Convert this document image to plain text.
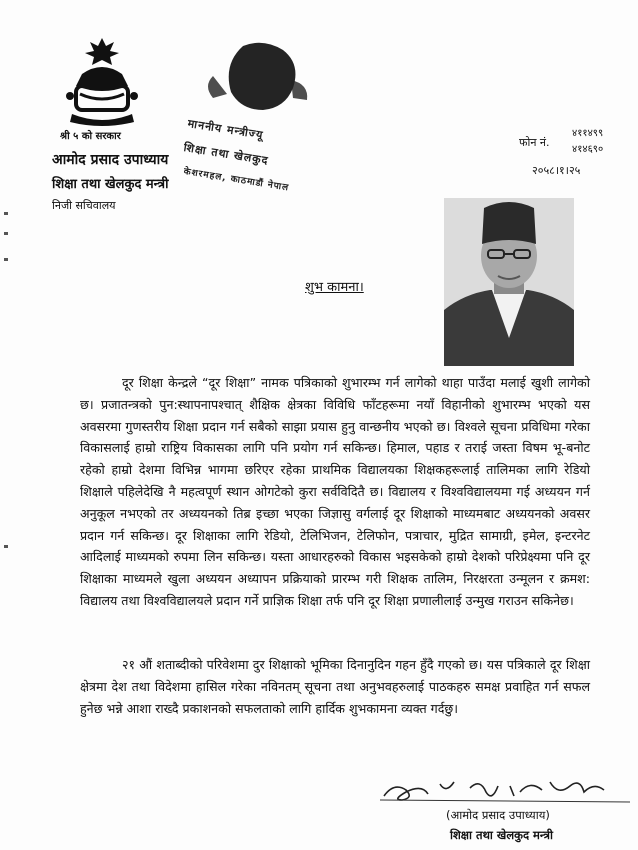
माननीय मन्त्रीज्यू
शिक्षा तथा खेलकुद
केशरमहल, काठमाडौं नेपाल
श्री ५ को सरकार
आमोद प्रसाद उपाध्याय
शिक्षा तथा खेलकुद मन्त्री
निजी सचिवालय
फोन नं.
४११४९९
४१४६९०
२०५८।१।२५
शुभ कामना।
दूर शिक्षा केन्द्रले “दूर शिक्षा” नामक पत्रिकाको शुभारम्भ गर्न लागेको थाहा पाउँदा मलाई खुशी लागेको छ। प्रजातन्त्रको पुन:स्थापनापश्चात् शैक्षिक क्षेत्रका विविधि फाँटहरूमा नयाँ विहानीको शुभारम्भ भएको यस अवसरमा गुणस्तरीय शिक्षा प्रदान गर्न सबैको साझा प्रयास हुनु वान्छनीय भएको छ। विश्वले सूचना प्रविधिमा गरेका विकासलाई हाम्रो राष्ट्रिय विकासका लागि पनि प्रयोग गर्न सकिन्छ। हिमाल, पहाड र तराई जस्ता विषम भू-बनोट रहेको हाम्रो देशमा विभिन्न भागमा छरिएर रहेका प्राथमिक विद्यालयका शिक्षकहरूलाई तालिमका लागि रेडियो शिक्षाले पहिलेदेखि नै महत्वपूर्ण स्थान ओगटेको कुरा सर्वविदितै छ। विद्यालय र विश्वविद्यालयमा गई अध्ययन गर्न अनुकूल नभएको तर अध्ययनको तिब्र इच्छा भएका जिज्ञासु वर्गलाई दूर शिक्षाको माध्यमबाट अध्ययनको अवसर प्रदान गर्न सकिन्छ। दूर शिक्षाका लागि रेडियो, टेलिभिजन, टेलिफोन, पत्राचार, मुद्रित सामाग्री, इमेल, इन्टरनेट आदिलाई माध्यमको रुपमा लिन सकिन्छ। यस्ता आधारहरुको विकास भइसकेको हाम्रो देशको परिप्रेक्ष्यमा पनि दूर शिक्षाका माध्यमले खुला अध्ययन अध्यापन प्रक्रियाको प्रारम्भ गरी शिक्षक तालिम, निरक्षरता उन्मूलन र क्रमश: विद्यालय तथा विश्वविद्यालयले प्रदान गर्ने प्राज्ञिक शिक्षा तर्फ पनि दूर शिक्षा प्रणालीलाई उन्मुख गराउन सकिनेछ।
२१ औं शताब्दीको परिवेशमा दुर शिक्षाको भूमिका दिनानुदिन गहन हुँदै गएको छ। यस पत्रिकाले दूर शिक्षा क्षेत्रमा देश तथा विदेशमा हासिल गरेका नविनतम् सूचना तथा अनुभवहरुलाई पाठकहरु समक्ष प्रवाहित गर्न सफल हुनेछ भन्ने आशा राख्दै प्रकाशनको सफलताको लागि हार्दिक शुभकामना व्यक्त गर्दछु।
(आमोद प्रसाद उपाध्याय)
शिक्षा तथा खेलकुद मन्त्री
